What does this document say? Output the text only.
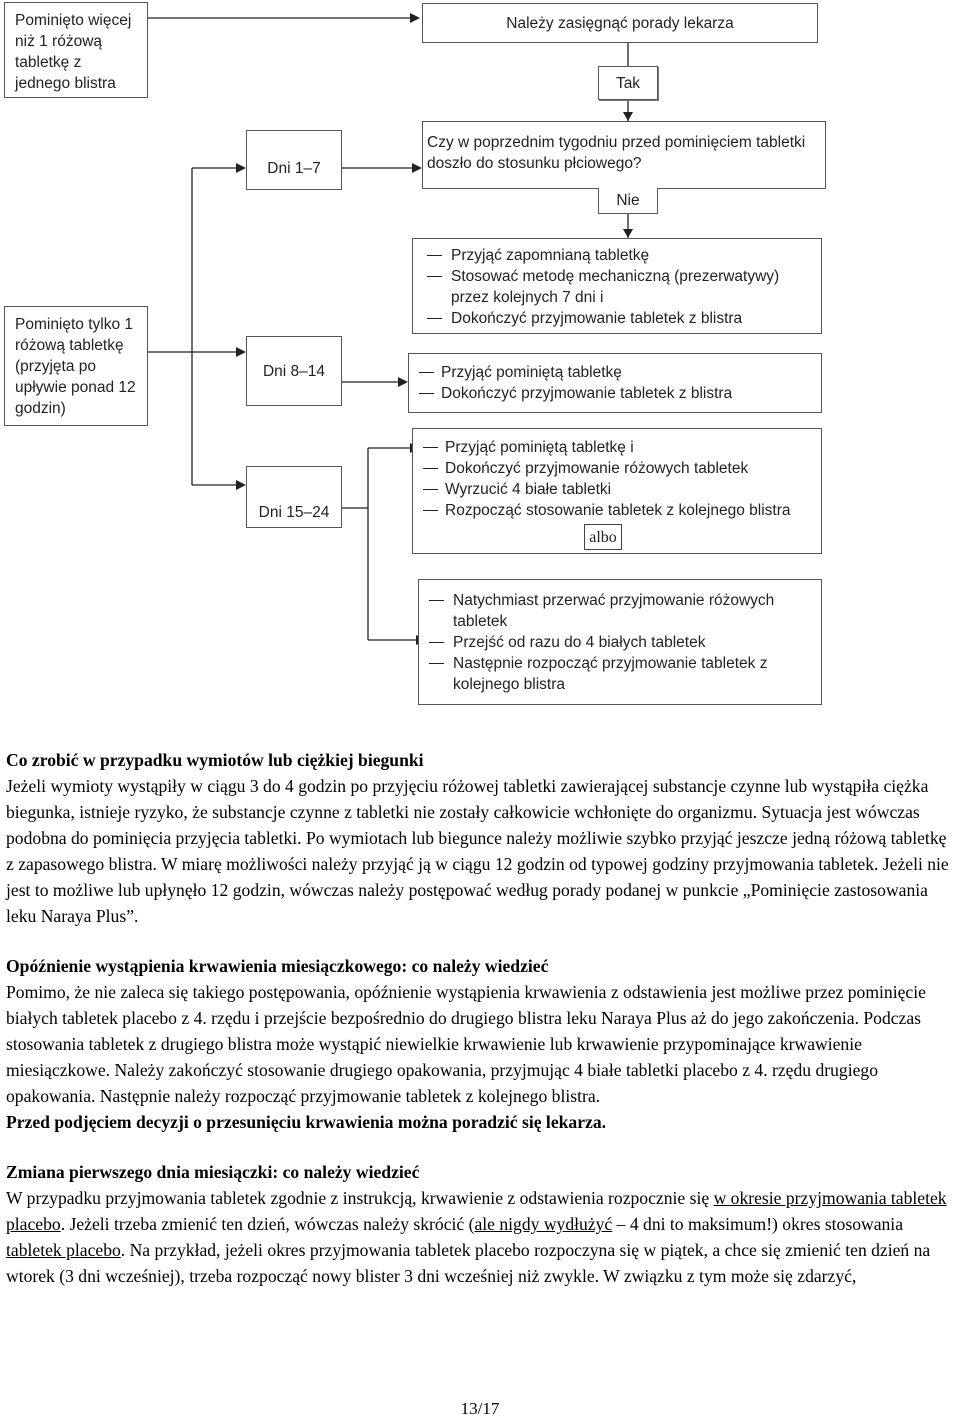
Pominięto więcej niż 1 różową tabletkę z jednego blistra
Pominięto tylko 1 różową tabletkę (przyjęta po upływie ponad 12 godzin)
Dni 1–7
Dni 8–14
Dni 15–24
Należy zasięgnąć porady lekarza
Tak
Czy w poprzednim tygodniu przed pominięciem tabletki doszło do stosunku płciowego?
Nie
Przyjąć zapomnianą tabletkę
Stosować metodę mechaniczną (prezerwatywy) przez kolejnych 7 dni i
Dokończyć przyjmowanie tabletek z blistra
Przyjąć pominiętą tabletkę
Dokończyć przyjmowanie tabletek z blistra
Przyjąć pominiętą tabletkę i
Dokończyć przyjmowanie różowych tabletek
Wyrzucić 4 białe tabletki
Rozpocząć stosowanie tabletek z kolejnego blistra
albo
Natychmiast przerwać przyjmowanie różowych tabletek
Przejść od razu do 4 białych tabletek
Następnie rozpocząć przyjmowanie tabletek z kolejnego blistra
Co zrobić w przypadku wymiotów lub ciężkiej biegunki

Jeżeli wymioty wystąpiły w ciągu 3 do 4 godzin po przyjęciu różowej tabletki zawierającej substancje czynne lub wystąpiła ciężka biegunka, istnieje ryzyko, że substancje czynne z tabletki nie zostały całkowicie wchłonięte do organizmu. Sytuacja jest wówczas podobna do pominięcia przyjęcia tabletki. Po wymiotach lub biegunce należy możliwie szybko przyjąć jeszcze jedną różową tabletkę z zapasowego blistra. W miarę możliwości należy przyjąć ją w ciągu 12 godzin od typowej godziny przyjmowania tabletek. Jeżeli nie jest to możliwe lub upłynęło 12 godzin, wówczas należy postępować według porady podanej w punkcie „Pominięcie zastosowania leku Naraya Plus”.

Opóźnienie wystąpienia krwawienia miesiączkowego: co należy wiedzieć

Pomimo, że nie zaleca się takiego postępowania, opóźnienie wystąpienia krwawienia z odstawienia jest możliwe przez pominięcie białych tabletek placebo z 4. rzędu i przejście bezpośrednio do drugiego blistra leku Naraya Plus aż do jego zakończenia. Podczas stosowania tabletek z drugiego blistra może wystąpić niewielkie krwawienie lub krwawienie przypominające krwawienie miesiączkowe. Należy zakończyć stosowanie drugiego opakowania, przyjmując 4 białe tabletki placebo z 4. rzędu drugiego opakowania. Następnie należy rozpocząć przyjmowanie tabletek z kolejnego blistra.

Przed podjęciem decyzji o przesunięciu krwawienia można poradzić się lekarza.

Zmiana pierwszego dnia miesiączki: co należy wiedzieć

W przypadku przyjmowania tabletek zgodnie z instrukcją, krwawienie z odstawienia rozpocznie się w okresie przyjmowania tabletek placebo. Jeżeli trzeba zmienić ten dzień, wówczas należy skrócić (ale nigdy wydłużyć – 4 dni to maksimum!) okres stosowania tabletek placebo. Na przykład, jeżeli okres przyjmowania tabletek placebo rozpoczyna się w piątek, a chce się zmienić ten dzień na wtorek (3 dni wcześniej), trzeba rozpocząć nowy blister 3 dni wcześniej niż zwykle. W związku z tym może się zdarzyć,

13/17
